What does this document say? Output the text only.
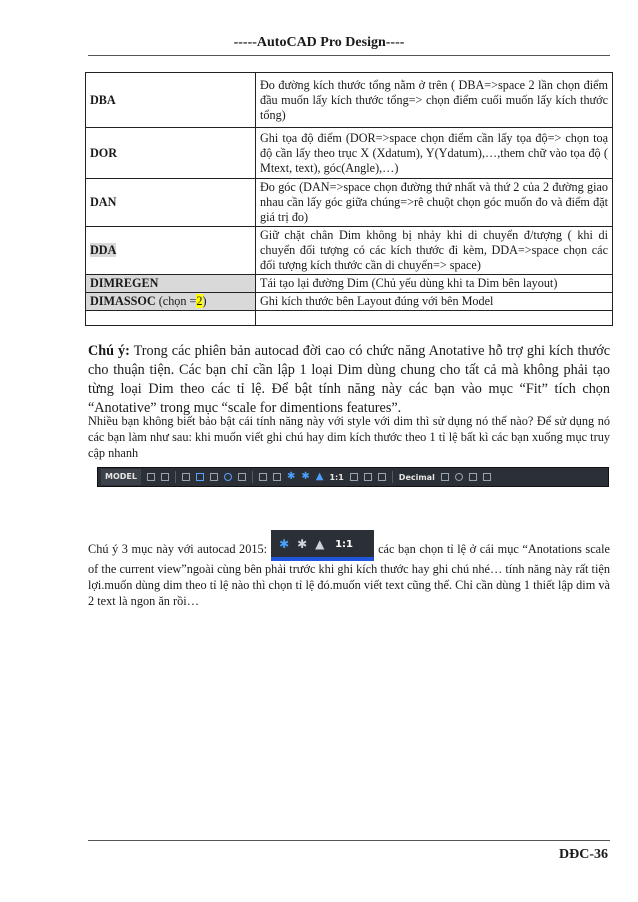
-----AutoCAD Pro Design----
DBA	Đo đường kích thước tổng nằm ở trên ( DBA=>space 2 lần chọn điểm đầu muốn lấy kích thước tổng=> chọn điểm cuối muốn lấy kích thước tổng)
DOR	Ghi tọa độ điểm (DOR=>space chọn điểm cần lấy tọa độ=> chọn toạ độ cần lấy theo trục X (Xdatum), Y(Ydatum),…,them chữ vào tọa độ ( Mtext, text), góc(Angle),…)
DAN	Đo góc (DAN=>space chọn đường thứ nhất và thứ 2 của 2 đường giao nhau cần lấy góc giữa chúng=>rê chuột chọn góc muốn đo và điểm đặt giá trị đo)
DDA	Giữ chặt chân Dim không bị nhảy khi di chuyển đ/tượng ( khi di chuyển đối tượng có các kích thước đi kèm, DDA=>space chọn các đối tượng kích thước cần di chuyển=> space)
DIMREGEN	Tái tạo lại đường Dim (Chủ yếu dùng khi ta Dim bên layout)
DIMASSOC (chọn =2)	Ghi kích thước bên Layout đúng với bên Model

Chú ý: Trong các phiên bản autocad đời cao có chức năng Anotative hỗ trợ ghi kích thước cho thuận tiện. Các bạn chỉ cần lập 1 loại Dim dùng chung cho tất cả mà không phải tạo từng loại Dim theo các tỉ lệ. Để bật tính năng này các bạn vào mục “Fit” tích chọn “Anotative” trong mục “scale for dimentions features”.
Nhiều bạn không biết bảo bật cái tính năng này với style với dim thì sử dụng nó thế nào? Để sử dụng nó các bạn làm như sau: khi muốn viết ghi chú hay dim kích thước theo 1 tỉ lệ bất kì các bạn xuống mục truy cập nhanh
MODEL	✱ ✱ ▲ 1:1	Decimal
Chú ý 3 mục này với autocad 2015: ✱ ✱ ▲ 1:1 các bạn chọn tỉ lệ ở cái mục “Anotations scale of the current view”ngoài cùng bên phải trước khi ghi kích thước hay ghi chú nhé… tính năng này rất tiện lợi.muốn dùng dim theo tỉ lệ nào thì chọn tỉ lệ đó.muốn viết text cũng thế. Chỉ cần dùng 1 thiết lập dim và 2 text là ngon ăn rồi…
DĐC-36
